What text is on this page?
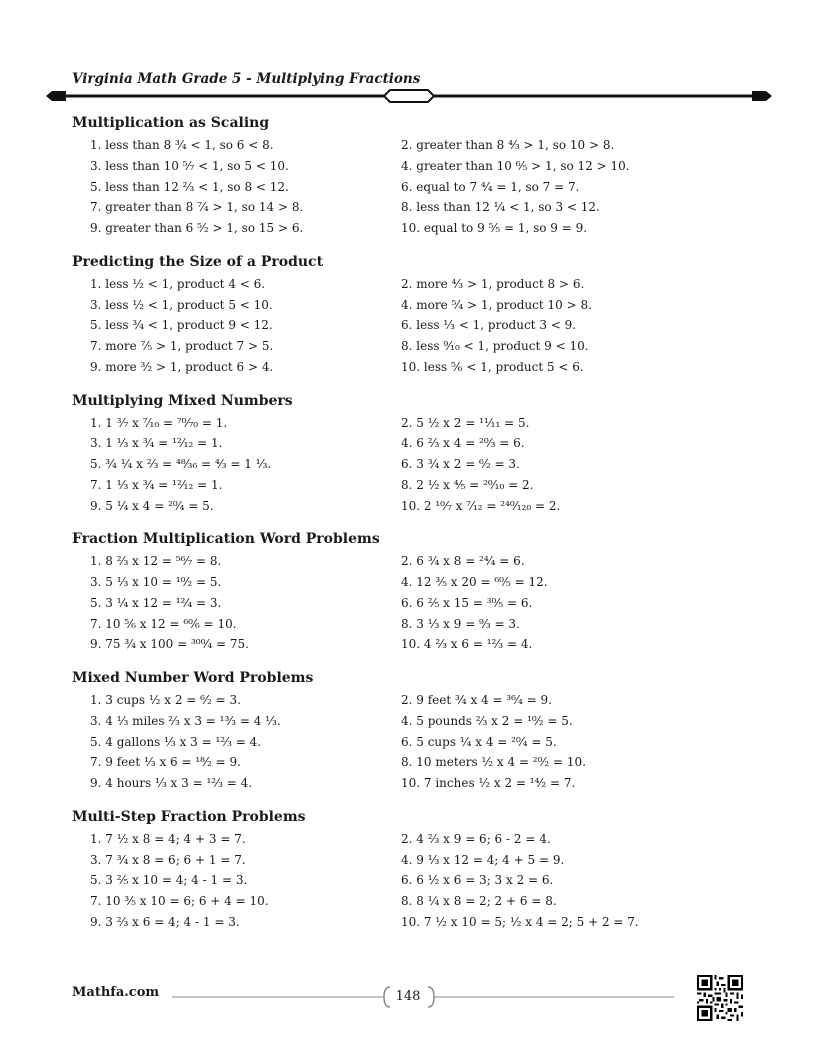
Virginia Math Grade 5 - Multiplying Fractions
Multiplication as Scaling
1. less than 8 ¾ < 1, so 6 < 8.	2. greater than 8 ⁴⁄₃ > 1, so 10 > 8.
3. less than 10 ⁵⁄₇ < 1, so 5 < 10.	4. greater than 10 ⁶⁄₅ > 1, so 12 > 10.
5. less than 12 ⅔ < 1, so 8 < 12.	6. equal to 7 ⁴⁄₄ = 1, so 7 = 7.
7. greater than 8 ⁷⁄₄ > 1, so 14 > 8.	8. less than 12 ¼ < 1, so 3 < 12.
9. greater than 6 ⁵⁄₂ > 1, so 15 > 6.	10. equal to 9 ⁵⁄₅ = 1, so 9 = 9.
Predicting the Size of a Product
1. less ½ < 1, product 4 < 6.	2. more ⁴⁄₃ > 1, product 8 > 6.
3. less ½ < 1, product 5 < 10.	4. more ⁵⁄₄ > 1, product 10 > 8.
5. less ¾ < 1, product 9 < 12.	6. less ⅓ < 1, product 3 < 9.
7. more ⁷⁄₅ > 1, product 7 > 5.	8. less ⁹⁄₁₀ < 1, product 9 < 10.
9. more ³⁄₂ > 1, product 6 > 4.	10. less ⅚ < 1, product 5 < 6.
Multiplying Mixed Numbers
1. 1 ³⁄₇ x ⁷⁄₁₀ = ⁷⁰⁄₇₀ = 1.	2. 5 ½ x 2 = ¹¹⁄₁₁ = 5.
3. 1 ⅓ x ¾ = ¹²⁄₁₂ = 1.	4. 6 ⅔ x 4 = ²⁰⁄₃ = 6.
5. ¾ ¼ x ⅔ = ⁴⁸⁄₃₆ = ⁴⁄₃ = 1 ⅓.	6. 3 ¾ x 2 = ⁶⁄₂ = 3.
7. 1 ⅓ x ¾ = ¹²⁄₁₂ = 1.	8. 2 ½ x ⅘ = ²⁰⁄₁₀ = 2.
9. 5 ¼ x 4 = ²⁰⁄₄ = 5.	10. 2 ¹⁰⁄₇ x ⁷⁄₁₂ = ²⁴⁰⁄₁₂₀ = 2.
Fraction Multiplication Word Problems
1. 8 ⅔ x 12 = ⁵⁶⁄₇ = 8.	2. 6 ¾ x 8 = ²⁴⁄₄ = 6.
3. 5 ⅓ x 10 = ¹⁰⁄₂ = 5.	4. 12 ⅗ x 20 = ⁶⁰⁄₅ = 12.
5. 3 ¼ x 12 = ¹²⁄₄ = 3.	6. 6 ⅖ x 15 = ³⁰⁄₅ = 6.
7. 10 ⅚ x 12 = ⁶⁰⁄₆ = 10.	8. 3 ⅓ x 9 = ⁹⁄₃ = 3.
9. 75 ¾ x 100 = ³⁰⁰⁄₄ = 75.	10. 4 ⅔ x 6 = ¹²⁄₃ = 4.
Mixed Number Word Problems
1. 3 cups ½ x 2 = ⁶⁄₂ = 3.	2. 9 feet ¾ x 4 = ³⁶⁄₄ = 9.
3. 4 ⅓ miles ⅔ x 3 = ¹³⁄₃ = 4 ⅓.	4. 5 pounds ⅔ x 2 = ¹⁰⁄₂ = 5.
5. 4 gallons ⅓ x 3 = ¹²⁄₃ = 4.	6. 5 cups ¼ x 4 = ²⁰⁄₄ = 5.
7. 9 feet ⅓ x 6 = ¹⁸⁄₂ = 9.	8. 10 meters ½ x 4 = ²⁰⁄₂ = 10.
9. 4 hours ⅓ x 3 = ¹²⁄₃ = 4.	10. 7 inches ½ x 2 = ¹⁴⁄₂ = 7.
Multi-Step Fraction Problems
1. 7 ½ x 8 = 4; 4 + 3 = 7.	2. 4 ⅔ x 9 = 6; 6 - 2 = 4.
3. 7 ¾ x 8 = 6; 6 + 1 = 7.	4. 9 ⅓ x 12 = 4; 4 + 5 = 9.
5. 3 ⅖ x 10 = 4; 4 - 1 = 3.	6. 6 ½ x 6 = 3; 3 x 2 = 6.
7. 10 ⅗ x 10 = 6; 6 + 4 = 10.	8. 8 ¼ x 8 = 2; 2 + 6 = 8.
9. 3 ⅔ x 6 = 4; 4 - 1 = 3.	10. 7 ½ x 10 = 5; ½ x 4 = 2; 5 + 2 = 7.
Mathfa.com	148
